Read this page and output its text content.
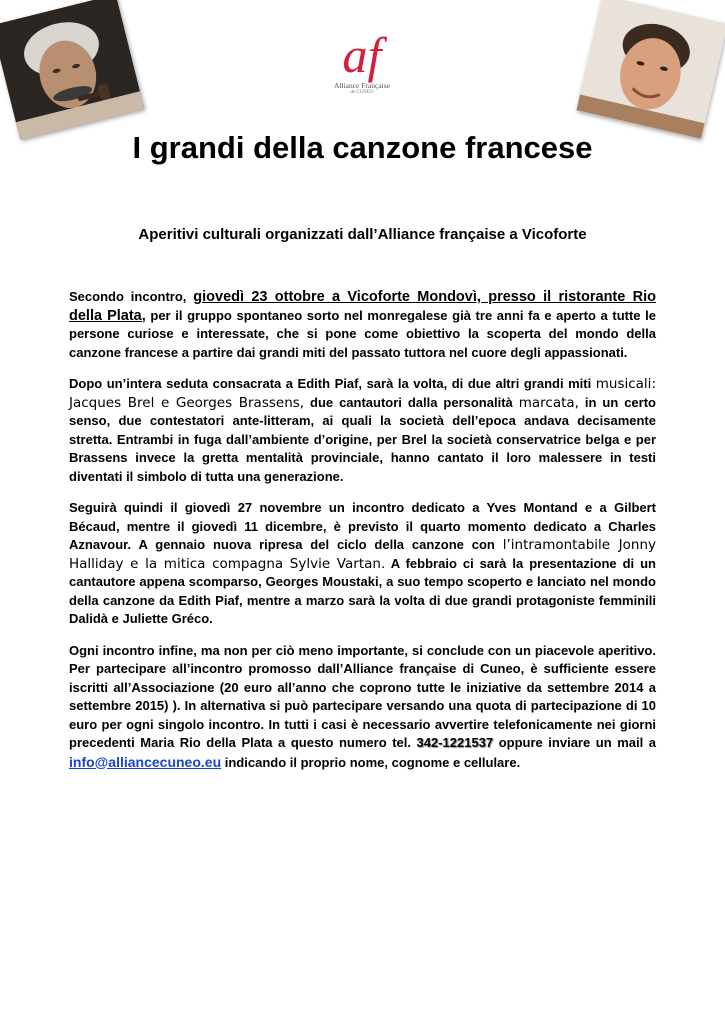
af
Alliance Française
de CUNEO
I grandi della canzone francese
Aperitivi culturali organizzati dall’Alliance française a Vicoforte

Secondo incontro, giovedì 23 ottobre a Vicoforte Mondovì, presso il ristorante Rio della Plata, per il gruppo spontaneo sorto nel monregalese già tre anni fa e aperto a tutte le persone curiose e interessate, che si pone come obiettivo la scoperta del mondo della canzone francese a partire dai grandi miti del passato tuttora nel cuore degli appassionati.

Dopo un’intera seduta consacrata a Edith Piaf, sarà la volta, di due altri grandi miti musicali: Jacques Brel e Georges Brassens, due cantautori dalla personalità marcata, in un certo senso, due contestatori ante-litteram, ai quali la società dell’epoca andava decisamente stretta. Entrambi in fuga dall’ambiente d’origine, per Brel la società conservatrice belga e per Brassens invece la gretta mentalità provinciale, hanno cantato il loro malessere in testi diventati il simbolo di tutta una generazione.

Seguirà quindi il giovedì 27 novembre un incontro dedicato a Yves Montand e a Gilbert Bécaud, mentre il giovedì 11 dicembre, è previsto il quarto momento dedicato a Charles Aznavour. A gennaio nuova ripresa del ciclo della canzone con l’intramontabile Jonny Halliday e la mitica compagna Sylvie Vartan. A febbraio ci sarà la presentazione di un cantautore appena scomparso, Georges Moustaki, a suo tempo scoperto e lanciato nel mondo della canzone da Edith Piaf, mentre a marzo sarà la volta di due grandi protagoniste femminili Dalidà e Juliette Gréco.

Ogni incontro infine, ma non per ciò meno importante, si conclude con un piacevole aperitivo. Per partecipare all’incontro promosso dall’Alliance française di Cuneo, è sufficiente essere iscritti all’Associazione (20 euro all’anno che coprono tutte le iniziative da settembre 2014 a settembre 2015) ). In alternativa si può partecipare versando una quota di partecipazione di 10 euro per ogni singolo incontro. In tutti i casi è necessario avvertire telefonicamente nei giorni precedenti Maria Rio della Plata a questo numero tel. 342-1221537 oppure inviare un mail a info@alliancecuneo.eu indicando il proprio nome, cognome e cellulare.
